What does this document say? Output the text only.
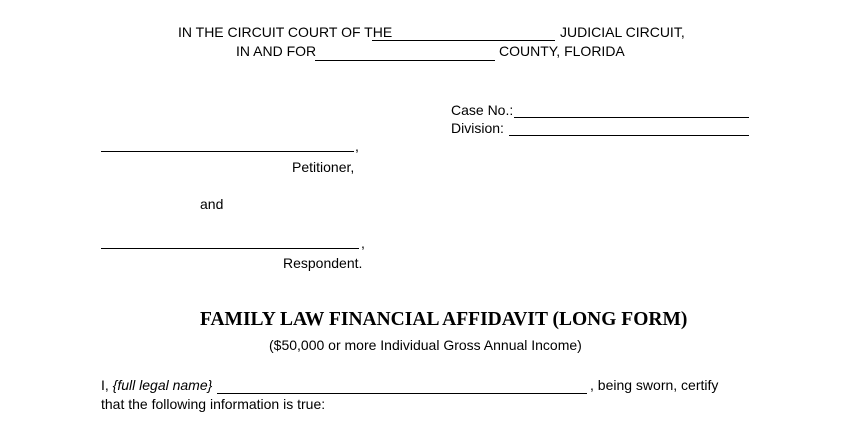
IN THE CIRCUIT COURT OF THE	JUDICIAL CIRCUIT,
IN AND FOR	COUNTY, FLORIDA
Case No.:
Division:
,
Petitioner,
and
,
Respondent.
FAMILY LAW FINANCIAL AFFIDAVIT (LONG FORM)
($50,000 or more Individual Gross Annual Income)
I, {full legal name}	, being sworn, certify
that the following information is true:
